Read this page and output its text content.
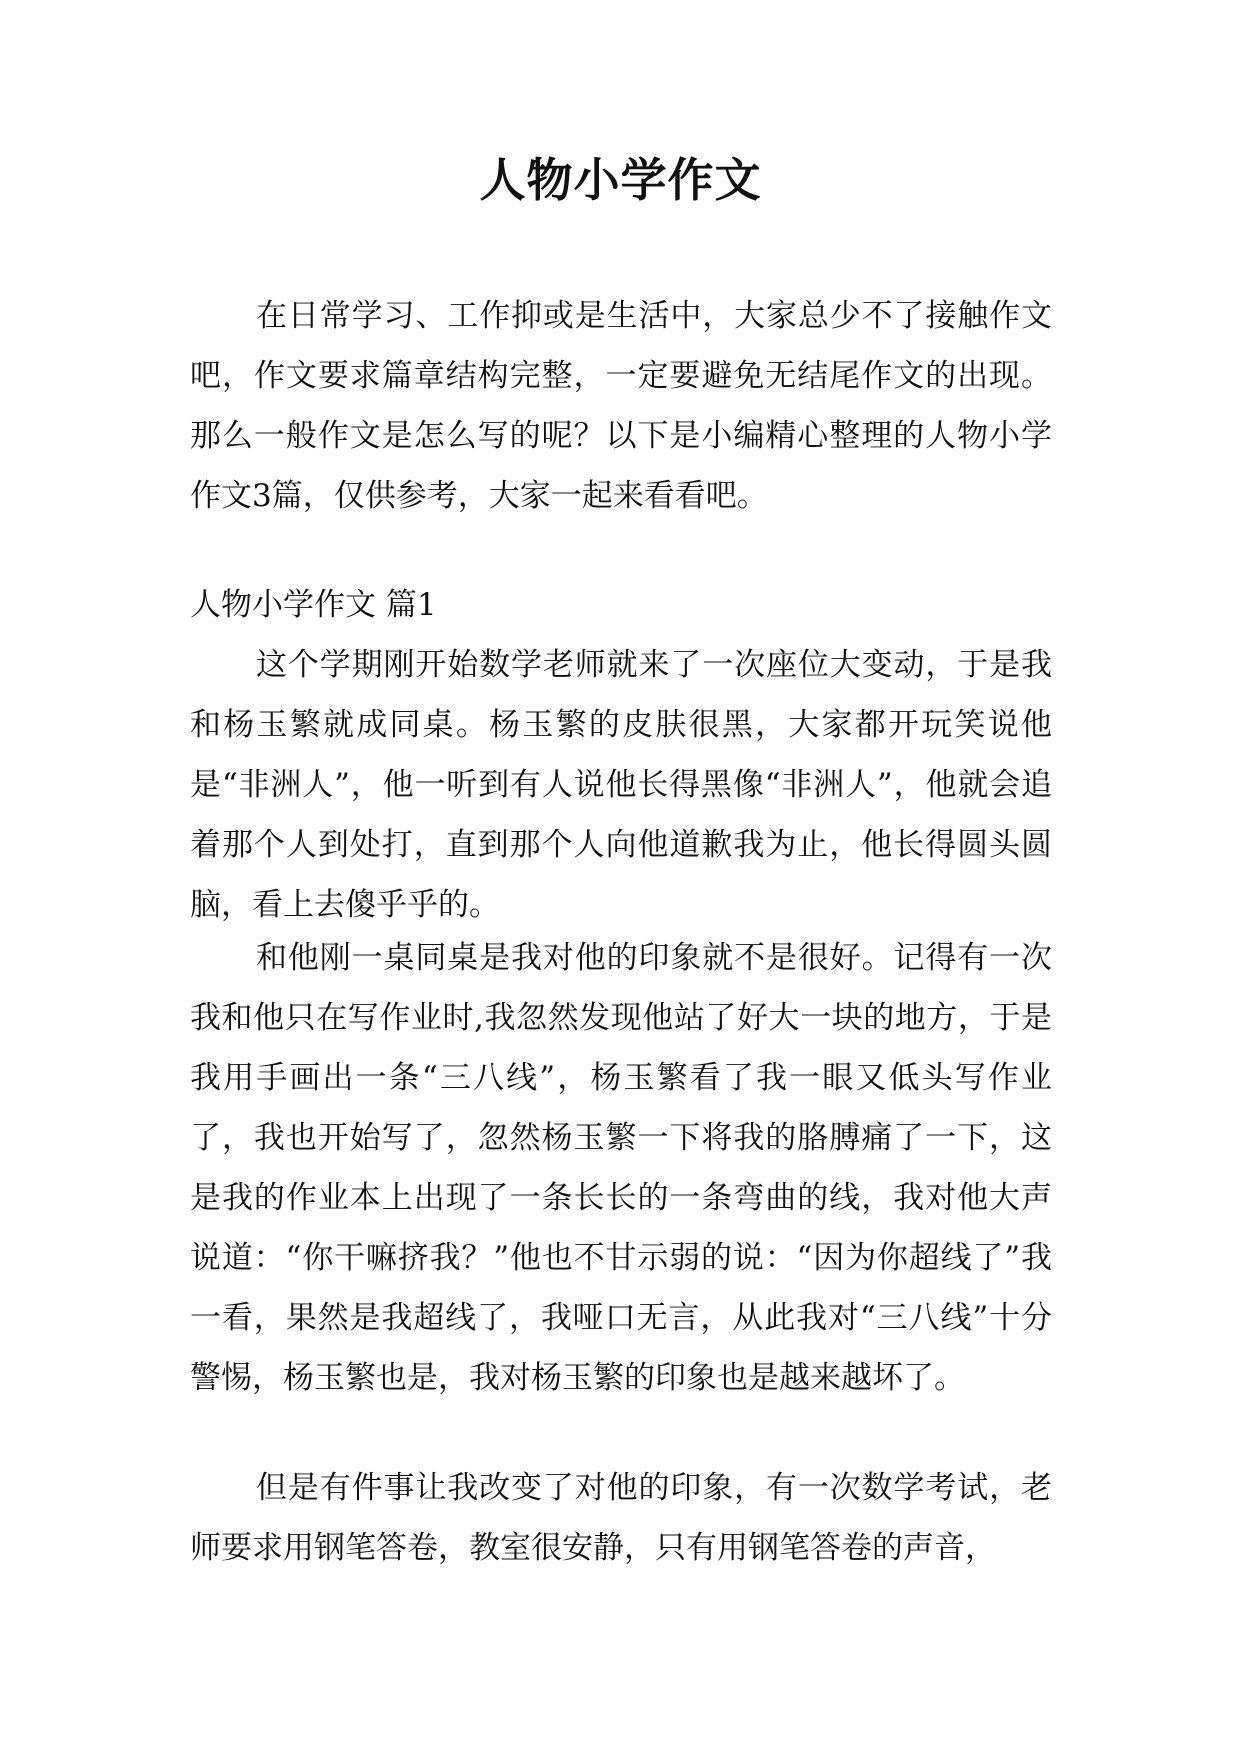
人物小学作文

在日常学习、工作抑或是生活中，大家总少不了接触作文吧，作文要求篇章结构完整，一定要避免无结尾作文的出现。那么一般作文是怎么写的呢？以下是小编精心整理的人物小学作文3篇，仅供参考，大家一起来看看吧。

人物小学作文 篇1

这个学期刚开始数学老师就来了一次座位大变动，于是我和杨玉繁就成同桌。杨玉繁的皮肤很黑，大家都开玩笑说他是“非洲人”，他一听到有人说他长得黑像“非洲人”，他就会追着那个人到处打，直到那个人向他道歉我为止，他长得圆头圆脑，看上去傻乎乎的。

和他刚一桌同桌是我对他的印象就不是很好。记得有一次我和他只在写作业时,我忽然发现他站了好大一块的地方，于是我用手画出一条“三八线”，杨玉繁看了我一眼又低头写作业了，我也开始写了，忽然杨玉繁一下将我的胳膊痛了一下，这是我的作业本上出现了一条长长的一条弯曲的线，我对他大声说道：“你干嘛挤我？”他也不甘示弱的说：“因为你超线了”我一看，果然是我超线了，我哑口无言，从此我对“三八线”十分警惕，杨玉繁也是，我对杨玉繁的印象也是越来越坏了。

但是有件事让我改变了对他的印象，有一次数学考试，老师要求用钢笔答卷，教室很安静，只有用钢笔答卷的声音，
